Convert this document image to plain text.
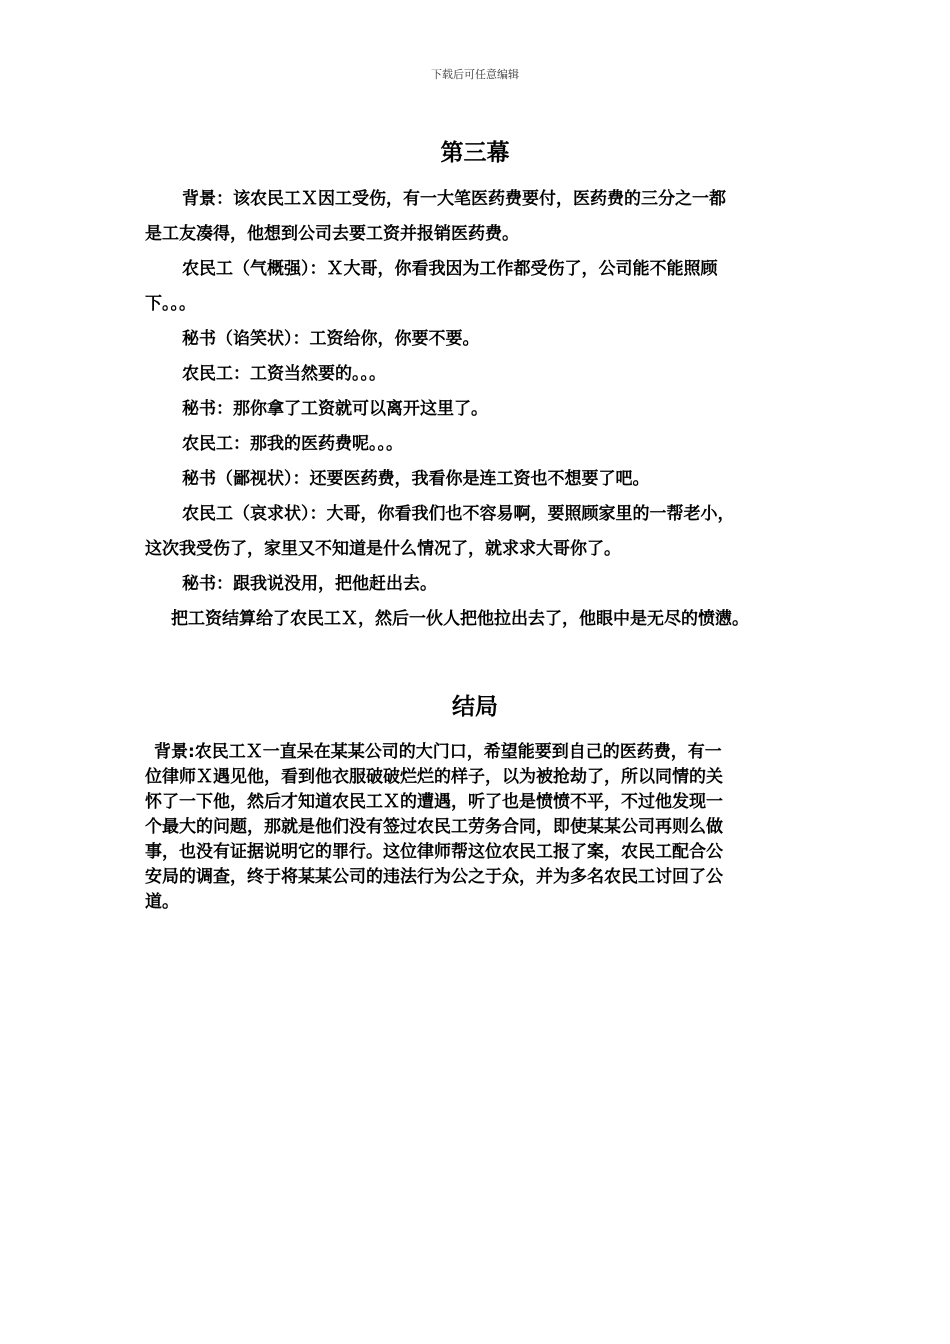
下载后可任意编辑
第三幕

背景：该农民工Ｘ因工受伤，有一大笔医药费要付，医药费的三分之一都

是工友凑得，他想到公司去要工资并报销医药费。

农民工（气概强）：Ｘ大哥，你看我因为工作都受伤了，公司能不能照顾

下。。。

秘书（谄笑状）：工资给你，你要不要。

农民工：工资当然要的。。。

秘书：那你拿了工资就可以离开这里了。

农民工：那我的医药费呢。。。

秘书（鄙视状）：还要医药费，我看你是连工资也不想要了吧。

农民工（哀求状）：大哥，你看我们也不容易啊，要照顾家里的一帮老小，

这次我受伤了，家里又不知道是什么情况了，就求求大哥你了。

秘书：跟我说没用，把他赶出去。

把工资结算给了农民工Ｘ，然后一伙人把他拉出去了，他眼中是无尽的愤懑。

结局

背景:农民工Ｘ一直呆在某某公司的大门口，希望能要到自己的医药费，有一

位律师Ｘ遇见他，看到他衣服破破烂烂的样子，以为被抢劫了，所以同情的关

怀了一下他，然后才知道农民工Ｘ的遭遇，听了也是愤愤不平，不过他发现一

个最大的问题，那就是他们没有签过农民工劳务合同，即使某某公司再则么做

事，也没有证据说明它的罪行。这位律师帮这位农民工报了案，农民工配合公

安局的调查，终于将某某公司的违法行为公之于众，并为多名农民工讨回了公

道。
